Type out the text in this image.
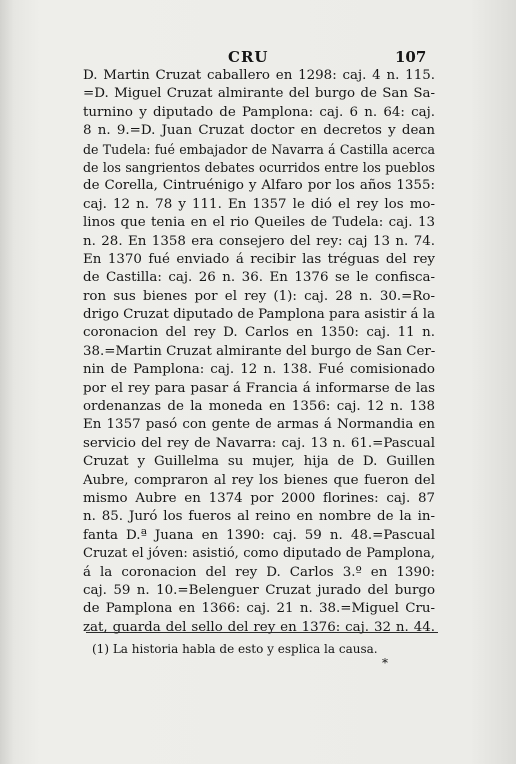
CRU	107
D. Martin Cruzat caballero en 1298: caj. 4 n. 115.
=D. Miguel Cruzat almirante del burgo de San Sa-
turnino y diputado de Pamplona: caj. 6 n. 64: caj.
8 n. 9.=D. Juan Cruzat doctor en decretos y dean
de Tudela: fué embajador de Navarra á Castilla acerca
de los sangrientos debates ocurridos entre los pueblos
de Corella, Cintruénigo y Alfaro por los años 1355:
caj. 12 n. 78 y 111. En 1357 le dió el rey los mo-
linos que tenia en el rio Queiles de Tudela: caj. 13
n. 28. En 1358 era consejero del rey: caj 13 n. 74.
En 1370 fué enviado á recibir las tréguas del rey
de Castilla: caj. 26 n. 36. En 1376 se le confisca-
ron sus bienes por el rey (1): caj. 28 n. 30.=Ro-
drigo Cruzat diputado de Pamplona para asistir á la
coronacion del rey D. Carlos en 1350: caj. 11 n.
38.=Martin Cruzat almirante del burgo de San Cer-
nin de Pamplona: caj. 12 n. 138. Fué comisionado
por el rey para pasar á Francia á informarse de las
ordenanzas de la moneda en 1356: caj. 12 n. 138
En 1357 pasó con gente de armas á Normandia en
servicio del rey de Navarra: caj. 13 n. 61.=Pascual
Cruzat y Guillelma su mujer, hija de D. Guillen
Aubre, compraron al rey los bienes que fueron del
mismo Aubre en 1374 por 2000 florines: caj. 87
n. 85. Juró los fueros al reino en nombre de la in-
fanta D.ª Juana en 1390: caj. 59 n. 48.=Pascual
Cruzat el jóven: asistió, como diputado de Pamplona,
á la coronacion del rey D. Carlos 3.º en 1390:
caj. 59 n. 10.=Belenguer Cruzat jurado del burgo
de Pamplona en 1366: caj. 21 n. 38.=Miguel Cru-
zat, guarda del sello del rey en 1376: caj. 32 n. 44.
(1) La historia habla de esto y esplica la causa.
*
